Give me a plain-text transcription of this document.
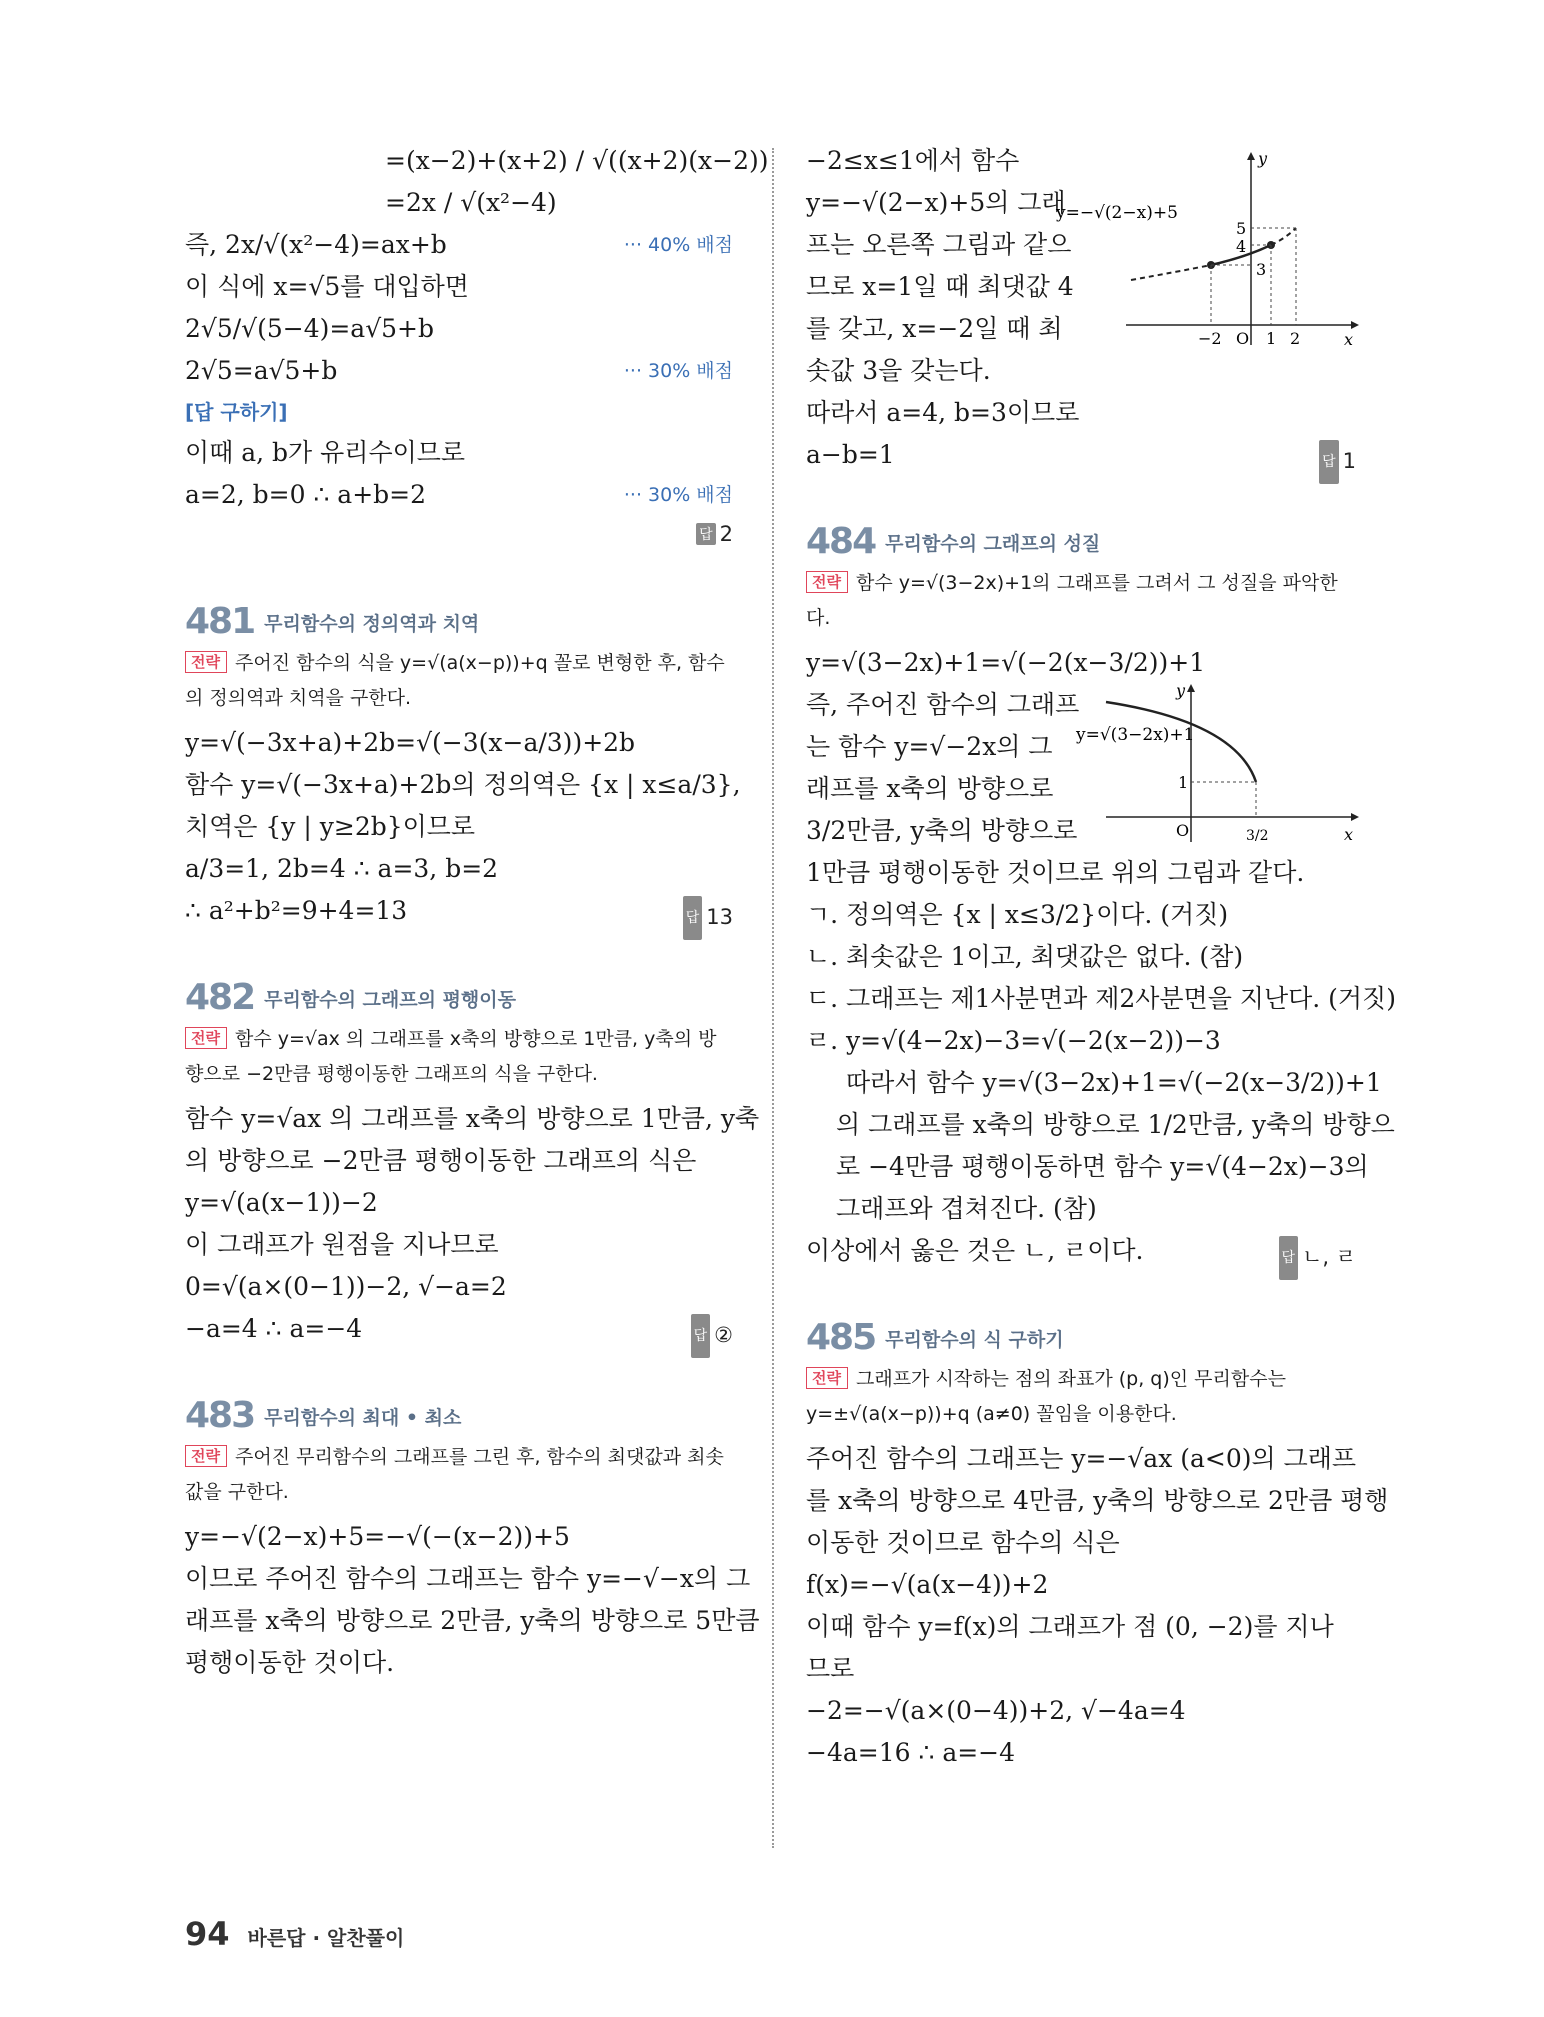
=(x−2)+(x+2) / √((x+2)(x−2))
=2x / √(x²−4)
즉, 2x/√(x²−4)=ax+b	··· 40% 배점
이 식에 x=√5를 대입하면
2√5/√(5−4)=a√5+b
2√5=a√5+b	··· 30% 배점
[답 구하기]
이때 a, b가 유리수이므로
a=2, b=0 ∴ a+b=2	··· 30% 배점
답 2
481 무리함수의 정의역과 치역
전략 주어진 함수의 식을 y=√(a(x−p))+q 꼴로 변형한 후, 함수의 정의역과 치역을 구한다.
y=√(−3x+a)+2b=√(−3(x−a/3))+2b
함수 y=√(−3x+a)+2b의 정의역은 {x | x≤a/3},
치역은 {y | y≥2b}이므로
a/3=1, 2b=4 ∴ a=3, b=2
∴ a²+b²=9+4=13	답 13
482 무리함수의 그래프의 평행이동
전략 함수 y=√ax 의 그래프를 x축의 방향으로 1만큼, y축의 방향으로 −2만큼 평행이동한 그래프의 식을 구한다.
함수 y=√ax 의 그래프를 x축의 방향으로 1만큼, y축
의 방향으로 −2만큼 평행이동한 그래프의 식은
y=√(a(x−1))−2
이 그래프가 원점을 지나므로
0=√(a×(0−1))−2, √−a=2
−a=4 ∴ a=−4	답 ②
483 무리함수의 최대 • 최소
전략 주어진 무리함수의 그래프를 그린 후, 함수의 최댓값과 최솟값을 구한다.
y=−√(2−x)+5=−√(−(x−2))+5
이므로 주어진 함수의 그래프는 함수 y=−√−x의 그
래프를 x축의 방향으로 2만큼, y축의 방향으로 5만큼
평행이동한 것이다.
−2≤x≤1에서 함수
y=−√(2−x)+5의 그래
프는 오른쪽 그림과 같으
므로 x=1일 때 최댓값 4
를 갖고, x=−2일 때 최
솟값 3을 갖는다.
따라서 a=4, b=3이므로
a−b=1	답 1
y
x
O
5
4
3
−2	1 2
y=−√(2−x)+5
484 무리함수의 그래프의 성질
전략 함수 y=√(3−2x)+1의 그래프를 그려서 그 성질을 파악한다.
y=√(3−2x)+1=√(−2(x−3/2))+1
즉, 주어진 함수의 그래프
는 함수 y=√−2x의 그
래프를 x축의 방향으로
3/2만큼, y축의 방향으로
1만큼 평행이동한 것이므로 위의 그림과 같다.
ㄱ. 정의역은 {x | x≤3/2}이다. (거짓)
ㄴ. 최솟값은 1이고, 최댓값은 없다. (참)
ㄷ. 그래프는 제1사분면과 제2사분면을 지난다. (거짓)
ㄹ. y=√(4−2x)−3=√(−2(x−2))−3
따라서 함수 y=√(3−2x)+1=√(−2(x−3/2))+1
의 그래프를 x축의 방향으로 1/2만큼, y축의 방향으
로 −4만큼 평행이동하면 함수 y=√(4−2x)−3의
그래프와 겹쳐진다. (참)
이상에서 옳은 것은 ㄴ, ㄹ이다.	답 ㄴ, ㄹ
y
x
O
1
3/2
y=√(3−2x)+1
485 무리함수의 식 구하기
전략 그래프가 시작하는 점의 좌표가 (p, q)인 무리함수는 y=±√(a(x−p))+q (a≠0) 꼴임을 이용한다.
주어진 함수의 그래프는 y=−√ax (a<0)의 그래프
를 x축의 방향으로 4만큼, y축의 방향으로 2만큼 평행
이동한 것이므로 함수의 식은
f(x)=−√(a(x−4))+2
이때 함수 y=f(x)의 그래프가 점 (0, −2)를 지나
므로
−2=−√(a×(0−4))+2, √−4a=4
−4a=16 ∴ a=−4
94 바른답 · 알찬풀이
